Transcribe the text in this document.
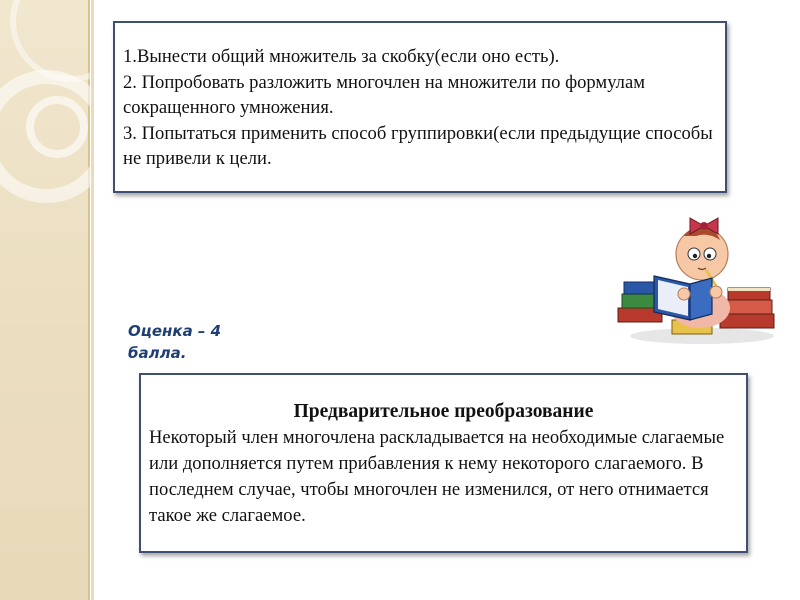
1.Вынести общий множитель за скобку(если оно есть).

2. Попробовать разложить многочлен на множители по формулам сокращенного умножения.

3. Попытаться применить способ группировки(если предыдущие способы не привели к цели.

Оценка – 4
балла.

Предварительное преобразование

Некоторый член многочлена раскладывается на необходимые слагаемые или дополняется путем прибавления к нему некоторого слагаемого. В последнем случае, чтобы многочлен не изменился, от него отнимается такое же слагаемое.
